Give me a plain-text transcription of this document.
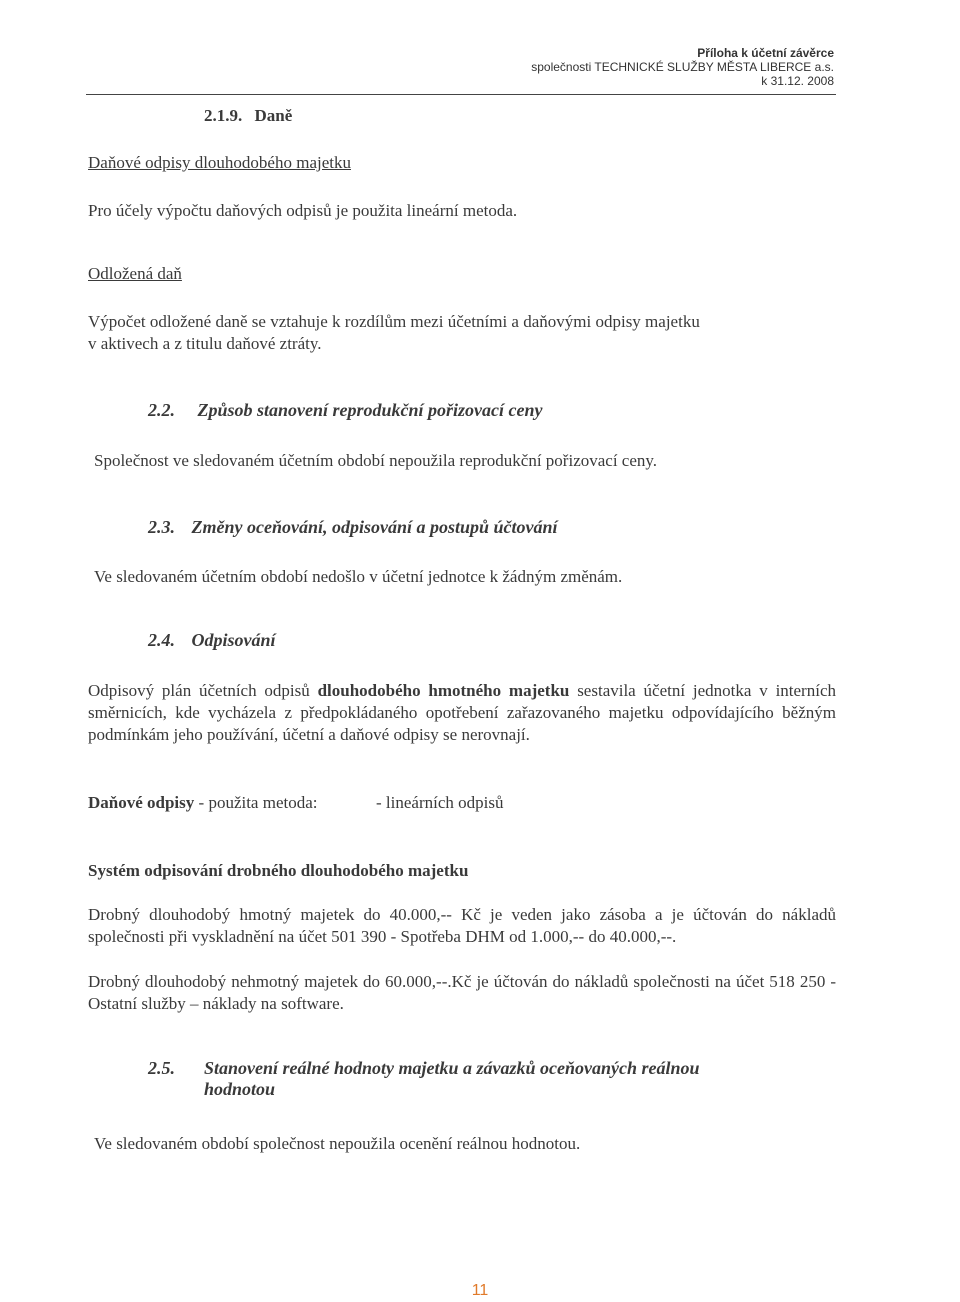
Příloha k účetní závěrce
společnosti TECHNICKÉ SLUŽBY MĚSTA LIBERCE a.s.
k 31.12. 2008
2.1.9. Daně
Daňové odpisy dlouhodobého majetku
Pro účely výpočtu daňových odpisů je použita lineární metoda.
Odložená daň
Výpočet odložené daně se vztahuje k rozdílům mezi účetními a daňovými odpisy majetku
v aktivech a z titulu daňové ztráty.
2.2. Způsob stanovení reprodukční pořizovací ceny
Společnost ve sledovaném účetním období nepoužila reprodukční pořizovací ceny.
2.3. Změny oceňování, odpisování a postupů účtování
Ve sledovaném účetním období nedošlo v účetní jednotce k žádným změnám.
2.4. Odpisování
Odpisový plán účetních odpisů dlouhodobého hmotného majetku sestavila účetní jednotka v interních směrnicích, kde vycházela z předpokládaného opotřebení zařazovaného majetku odpovídajícího běžným podmínkám jeho používání, účetní a daňové odpisy se nerovnají.
Daňové odpisy - použita metoda:	- lineárních odpisů
Systém odpisování drobného dlouhodobého majetku
Drobný dlouhodobý hmotný majetek do 40.000,-- Kč je veden jako zásoba a je účtován do nákladů společnosti při vyskladnění na účet 501 390 - Spotřeba DHM od 1.000,-- do 40.000,--.
Drobný dlouhodobý nehmotný majetek do 60.000,--.Kč je účtován do nákladů společnosti na účet 518 250 - Ostatní služby – náklady na software.
2.5.	Stanovení reálné hodnoty majetku a závazků oceňovaných reálnou
hodnotou
Ve sledovaném období společnost nepoužila ocenění reálnou hodnotou.
11
